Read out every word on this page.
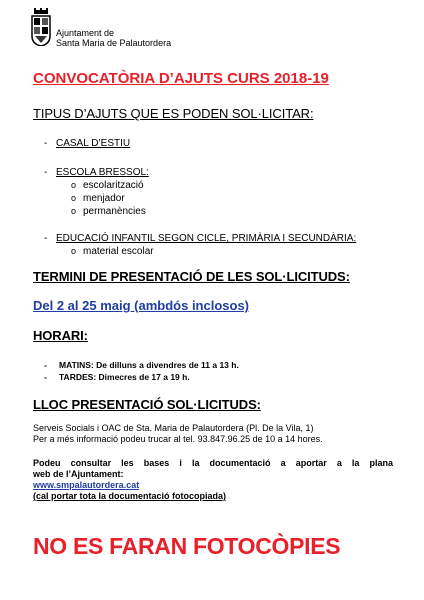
Ajuntament de
Santa Maria de Palautordera
CONVOCATÒRIA D’AJUTS CURS 2018-19
TIPUS D’AJUTS QUE ES PODEN SOL·LICITAR:
- CASAL D’ESTIU
- ESCOLA BRESSOL:
o escolarització
o menjador
o permanències
- EDUCACIÓ INFANTIL SEGON CICLE, PRIMÀRIA I SECUNDÀRIA:
o material escolar
TERMINI DE PRESENTACIÓ DE LES SOL·LICITUDS:
Del 2 al 25 maig (ambdós inclosos)
HORARI:
- MATINS: De dilluns a divendres de 11 a 13 h.
- TARDES: Dimecres de 17 a 19 h.
LLOC PRESENTACIÓ SOL·LICITUDS:
Serveis Socials i OAC de Sta. Maria de Palautordera (Pl. De la Vila, 1)
Per a més informació podeu trucar al tel. 93.847.96.25 de 10 a 14 hores.
Podeu consultar les bases i la documentació a aportar a la plana
web de l’Ajuntament:
www.smpalautordera.cat
(cal portar tota la documentació fotocopiada)
NO ES FARAN FOTOCÒPIES
